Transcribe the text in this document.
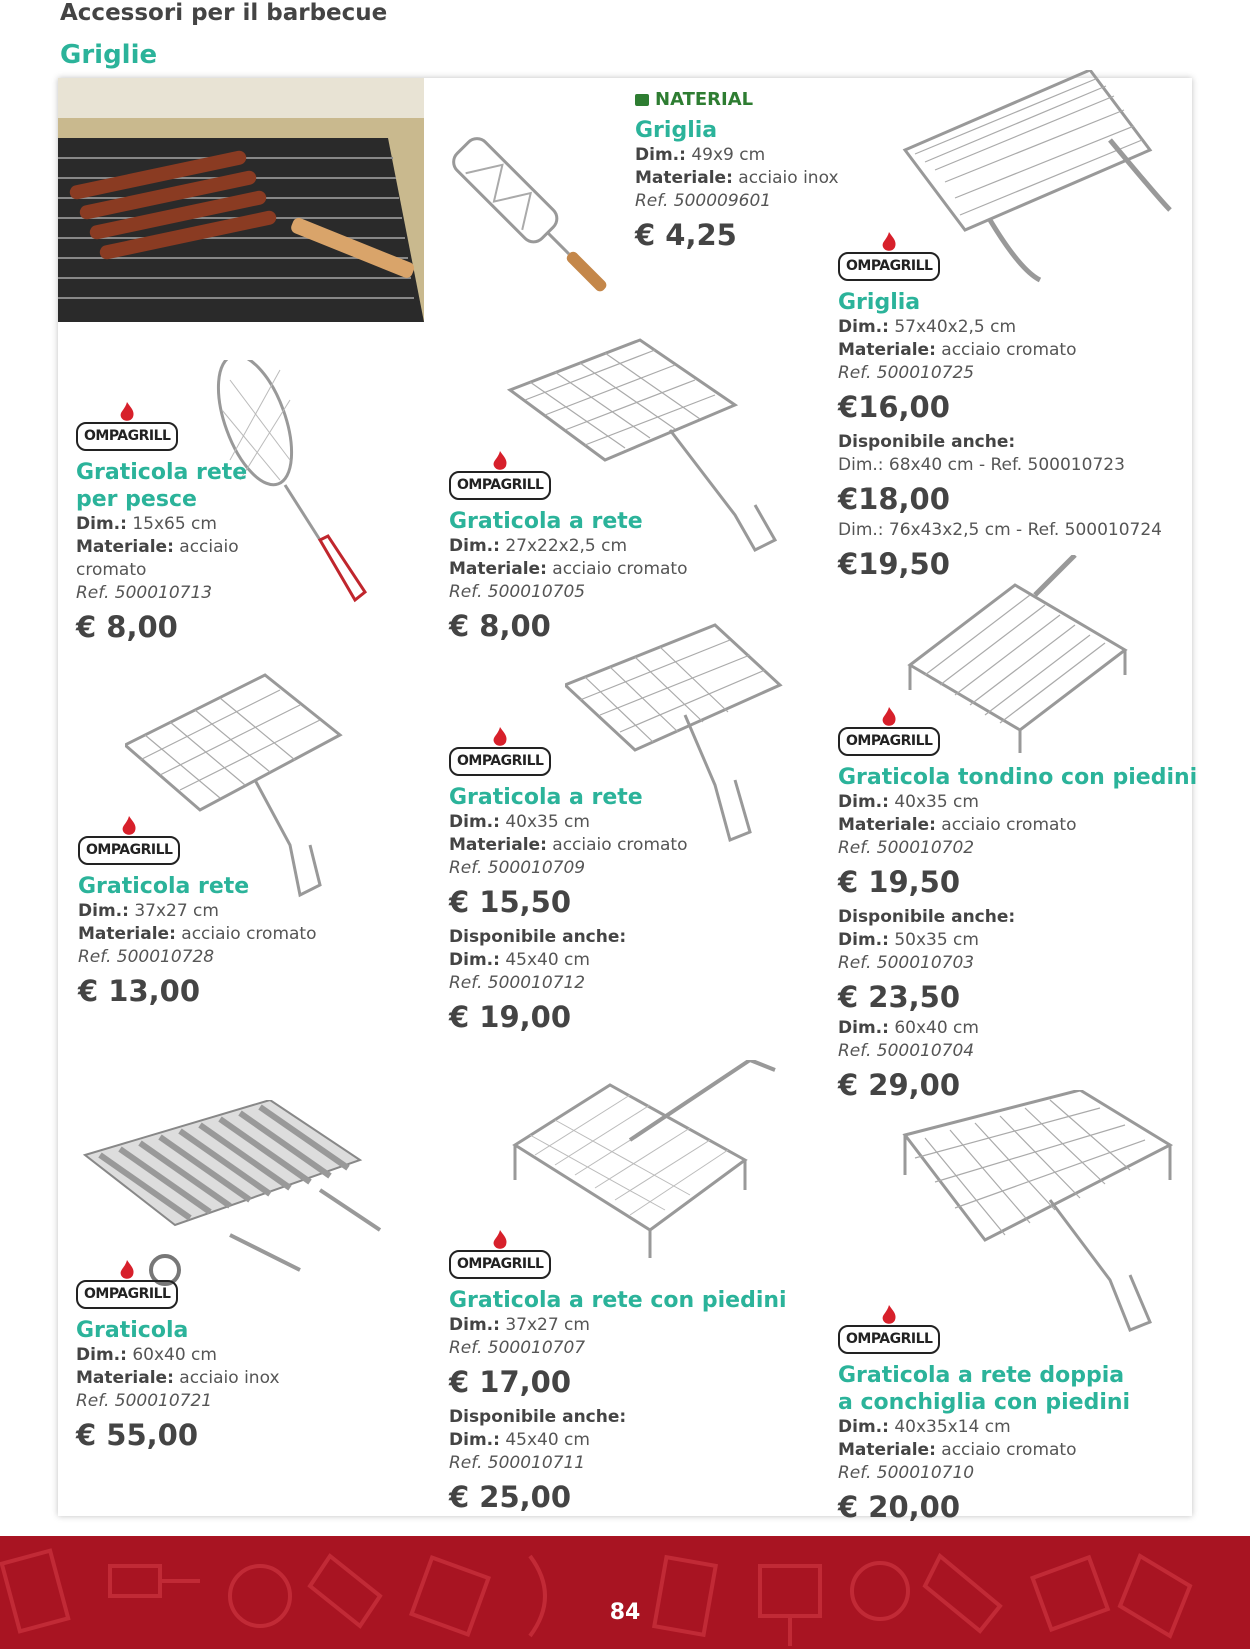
Accessori per il barbecue
Griglie
NATERIAL
Griglia
Dim.: 49x9 cm
Materiale: acciaio inox
Ref. 500009601
€ 4,25
OMPAGRILL
Griglia
Dim.: 57x40x2,5 cm
Materiale: acciaio cromato
Ref. 500010725
€16,00
Disponibile anche:
Dim.: 68x40 cm - Ref. 500010723
€18,00
Dim.: 76x43x2,5 cm - Ref. 500010724
€19,50
OMPAGRILL
Graticola rete
per pesce
Dim.: 15x65 cm
Materiale: acciaio
cromato
Ref. 500010713
€ 8,00
OMPAGRILL
Graticola a rete
Dim.: 27x22x2,5 cm
Materiale: acciaio cromato
Ref. 500010705
€ 8,00
OMPAGRILL
Graticola rete
Dim.: 37x27 cm
Materiale: acciaio cromato
Ref. 500010728
€ 13,00
OMPAGRILL
Graticola a rete
Dim.: 40x35 cm
Materiale: acciaio cromato
Ref. 500010709
€ 15,50
Disponibile anche:
Dim.: 45x40 cm
Ref. 500010712
€ 19,00
OMPAGRILL
Graticola tondino con piedini
Dim.: 40x35 cm
Materiale: acciaio cromato
Ref. 500010702
€ 19,50
Disponibile anche:
Dim.: 50x35 cm
Ref. 500010703
€ 23,50
Dim.: 60x40 cm
Ref. 500010704
€ 29,00
OMPAGRILL
Graticola
Dim.: 60x40 cm
Materiale: acciaio inox
Ref. 500010721
€ 55,00
OMPAGRILL
Graticola a rete con piedini
Dim.: 37x27 cm
Ref. 500010707
€ 17,00
Disponibile anche:
Dim.: 45x40 cm
Ref. 500010711
€ 25,00
OMPAGRILL
Graticola a rete doppia
a conchiglia con piedini
Dim.: 40x35x14 cm
Materiale: acciaio cromato
Ref. 500010710
€ 20,00
84
